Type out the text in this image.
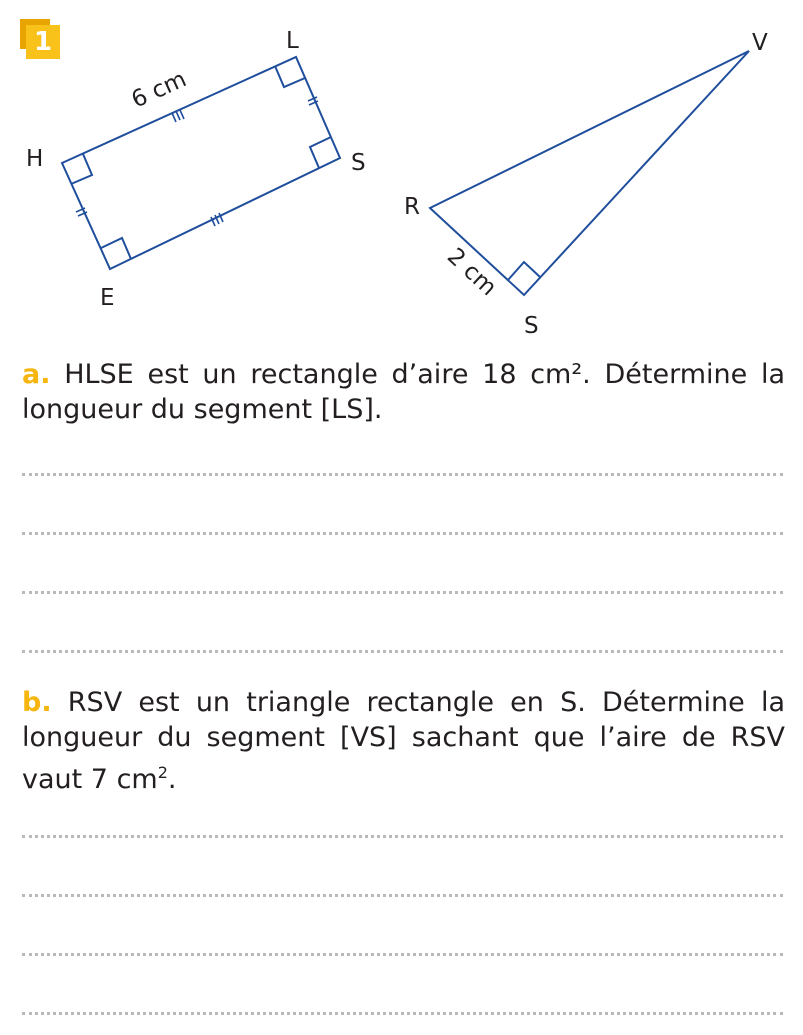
1
H
L
S
E
6 cm
R
S
V
2 cm
a. HLSE est un rectangle d’aire 18 cm². Détermine la longueur du segment [LS].
b. RSV est un triangle rectangle en S. Détermine la longueur du segment [VS] sachant que l’aire de RSV vaut 7 $cm^2$.
